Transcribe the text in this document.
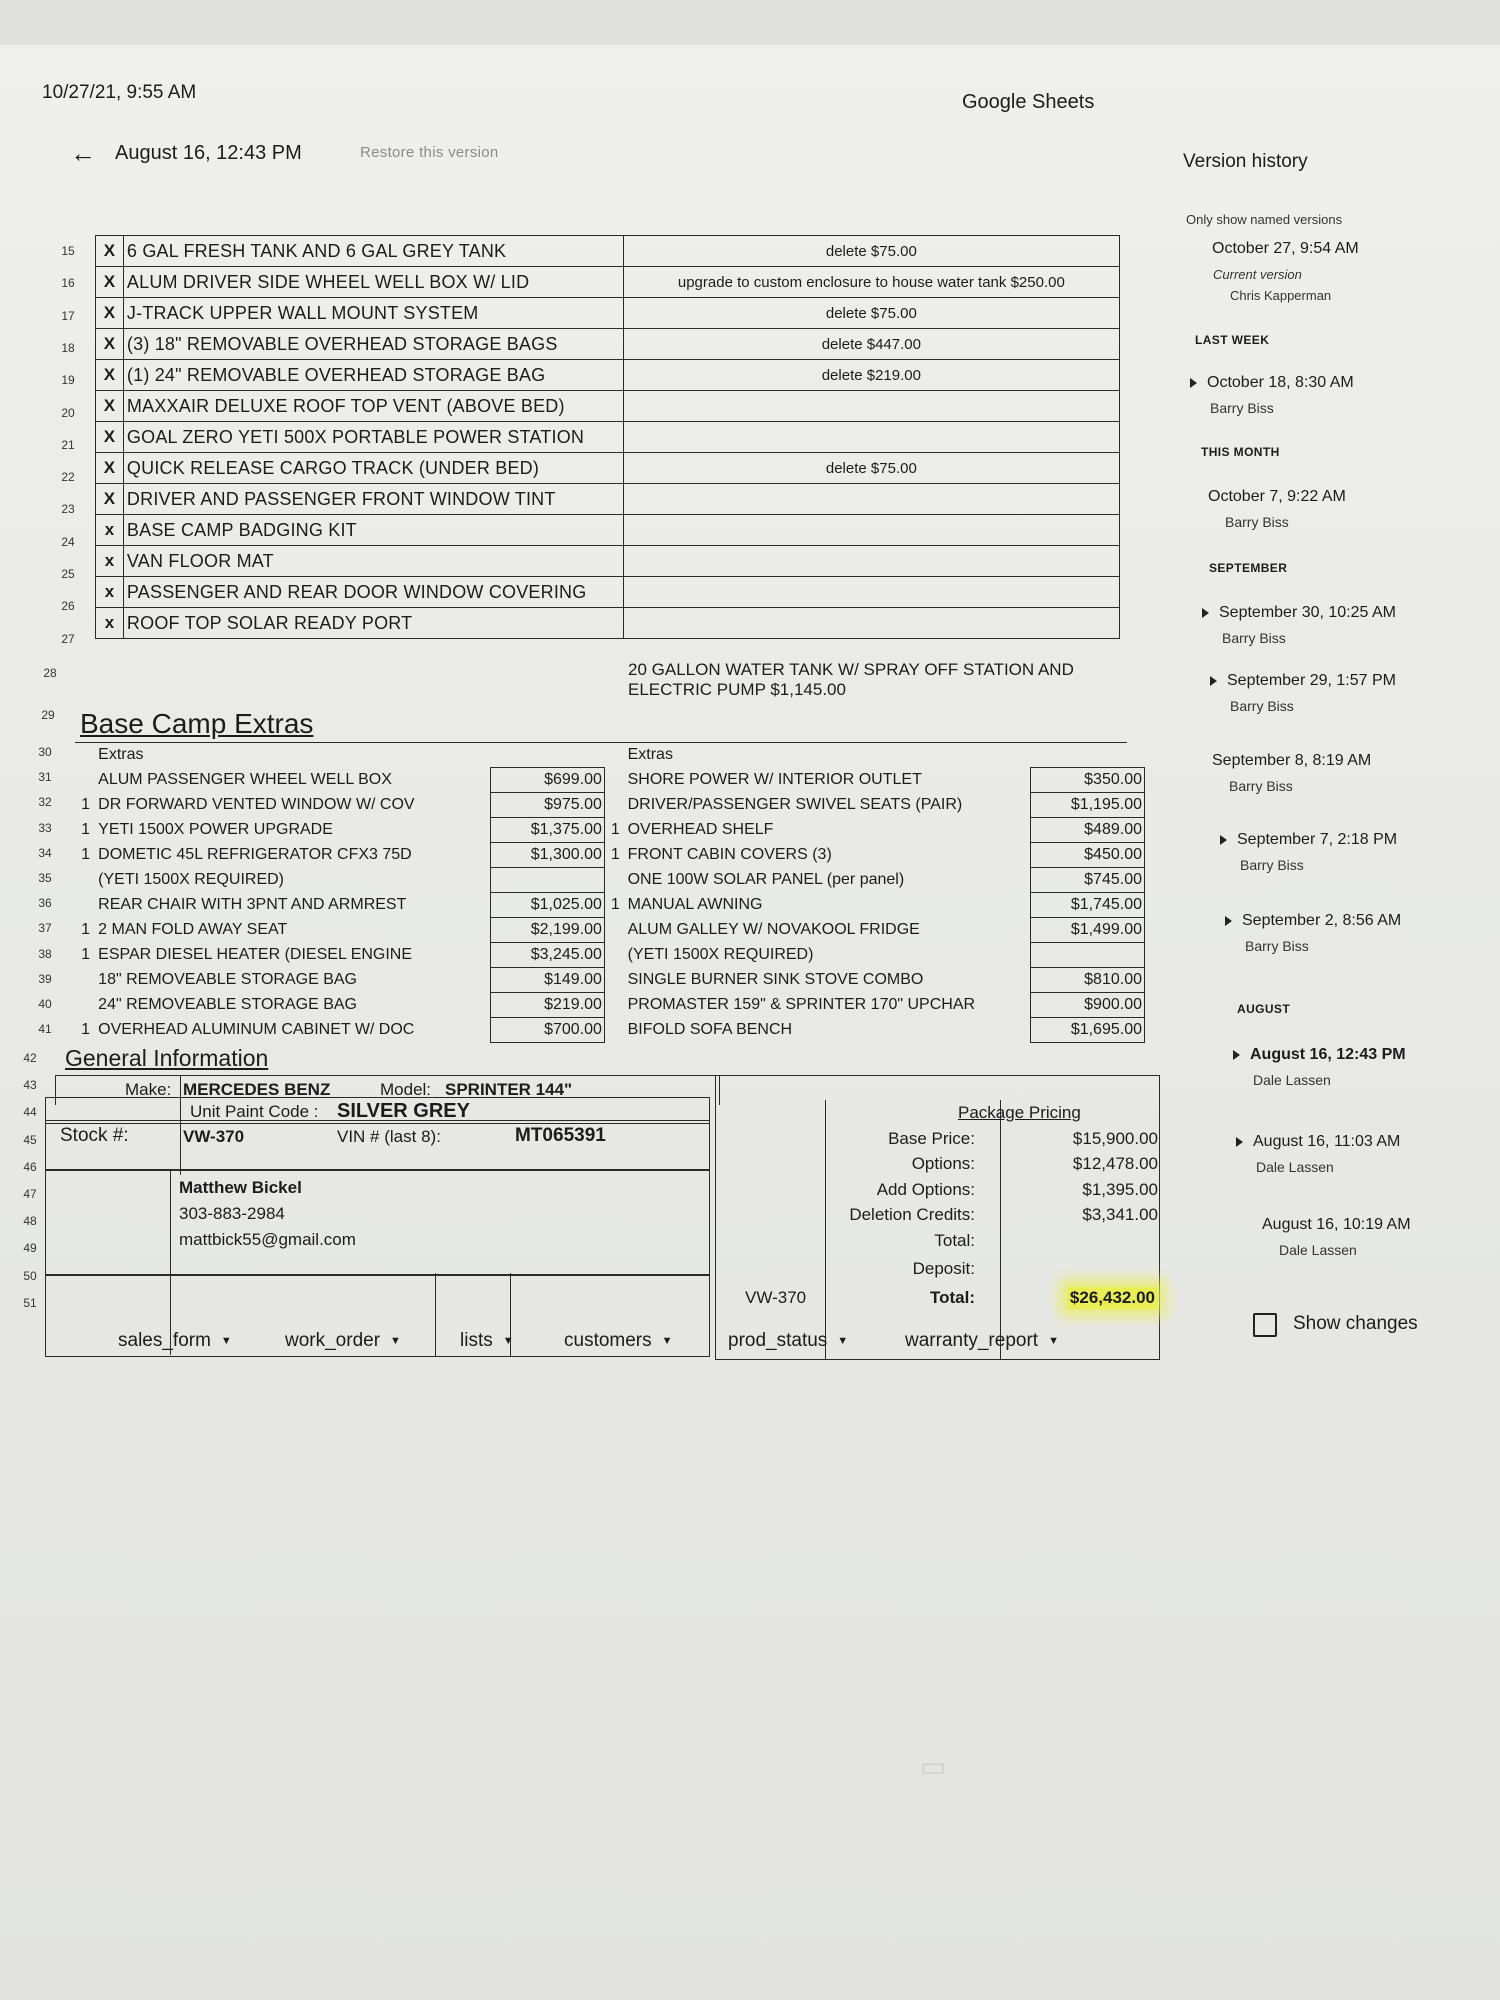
10/27/21, 9:55 AM	Google Sheets
← August 16, 12:43 PM	Restore this version
15
16
17
18
19
20
21
22
23
24
25
26
27
X	6 GAL FRESH TANK AND 6 GAL GREY TANK	delete $75.00
X	ALUM DRIVER SIDE WHEEL WELL BOX W/ LID	upgrade to custom enclosure to house water tank $250.00
X	J-TRACK UPPER WALL MOUNT SYSTEM	delete $75.00
X	(3) 18" REMOVABLE OVERHEAD STORAGE BAGS	delete $447.00
X	(1) 24" REMOVABLE OVERHEAD STORAGE BAG	delete $219.00
X	MAXXAIR DELUXE ROOF TOP VENT (ABOVE BED)	
X	GOAL ZERO YETI 500X PORTABLE POWER STATION	
X	QUICK RELEASE CARGO TRACK (UNDER BED)	delete $75.00
X	DRIVER AND PASSENGER FRONT WINDOW TINT	
x	BASE CAMP BADGING KIT	
x	VAN FLOOR MAT	
x	PASSENGER AND REAR DOOR WINDOW COVERING	
x	ROOF TOP SOLAR READY PORT	
28	20 GALLON WATER TANK W/ SPRAY OFF STATION AND ELECTRIC PUMP $1,145.00
29 Base Camp Extras
30
31
32
33
34
35
36
37
38
39
40
41
	Extras			Extras	
	ALUM PASSENGER WHEEL WELL BOX	$699.00		SHORE POWER W/ INTERIOR OUTLET	$350.00
1	DR FORWARD VENTED WINDOW W/ COV	$975.00		DRIVER/PASSENGER SWIVEL SEATS (PAIR)	$1,195.00
1	YETI 1500X POWER UPGRADE	$1,375.00	1	OVERHEAD SHELF	$489.00
1	DOMETIC 45L REFRIGERATOR CFX3 75D	$1,300.00	1	FRONT CABIN COVERS (3)	$450.00
	(YETI 1500X REQUIRED)			ONE 100W SOLAR PANEL (per panel)	$745.00
	REAR CHAIR WITH 3PNT AND ARMREST	$1,025.00	1	MANUAL AWNING	$1,745.00
1	2 MAN FOLD AWAY SEAT	$2,199.00		ALUM GALLEY W/ NOVAKOOL FRIDGE	$1,499.00
1	ESPAR DIESEL HEATER (DIESEL ENGINE	$3,245.00		(YETI 1500X REQUIRED)	
	18" REMOVEABLE STORAGE BAG	$149.00		SINGLE BURNER SINK STOVE COMBO	$810.00
	24" REMOVEABLE STORAGE BAG	$219.00		PROMASTER 159" & SPRINTER 170" UPCHAR	$900.00
1	OVERHEAD ALUMINUM CABINET W/ DOC	$700.00		BIFOLD SOFA BENCH	$1,695.00
General Information
42
43
44
45
46
47
48
49
50
51
Make: MERCEDES BENZ	Model: SPRINTER 144"
Unit Paint Code : SILVER GREY
Stock #:	VW-370	VIN # (last 8):	MT065391
Matthew Bickel
303-883-2984
mattbick55@gmail.com
Package Pricing
Base Price:	$15,900.00
Options:	$12,478.00
Add Options:	$1,395.00
Deletion Credits:	$3,341.00
Total:
Deposit:
VW-370	Total:	$26,432.00
sales_form ▼	work_order ▼	lists ▼	customers ▼	prod_status ▼	warranty_report ▼
Version history
Only show named versions
October 27, 9:54 AM
Current version
Chris Kapperman
LAST WEEK
THIS MONTH
SEPTEMBER
AUGUST
October 18, 8:30 AM
Barry Biss
October 7, 9:22 AM
Barry Biss
September 30, 10:25 AM
Barry Biss
September 29, 1:57 PM
Barry Biss
September 8, 8:19 AM
Barry Biss
September 7, 2:18 PM
Barry Biss
September 2, 8:56 AM
Barry Biss
August 16, 12:43 PM
Dale Lassen
August 16, 11:03 AM
Dale Lassen
August 16, 10:19 AM
Dale Lassen
Show changes
▭
